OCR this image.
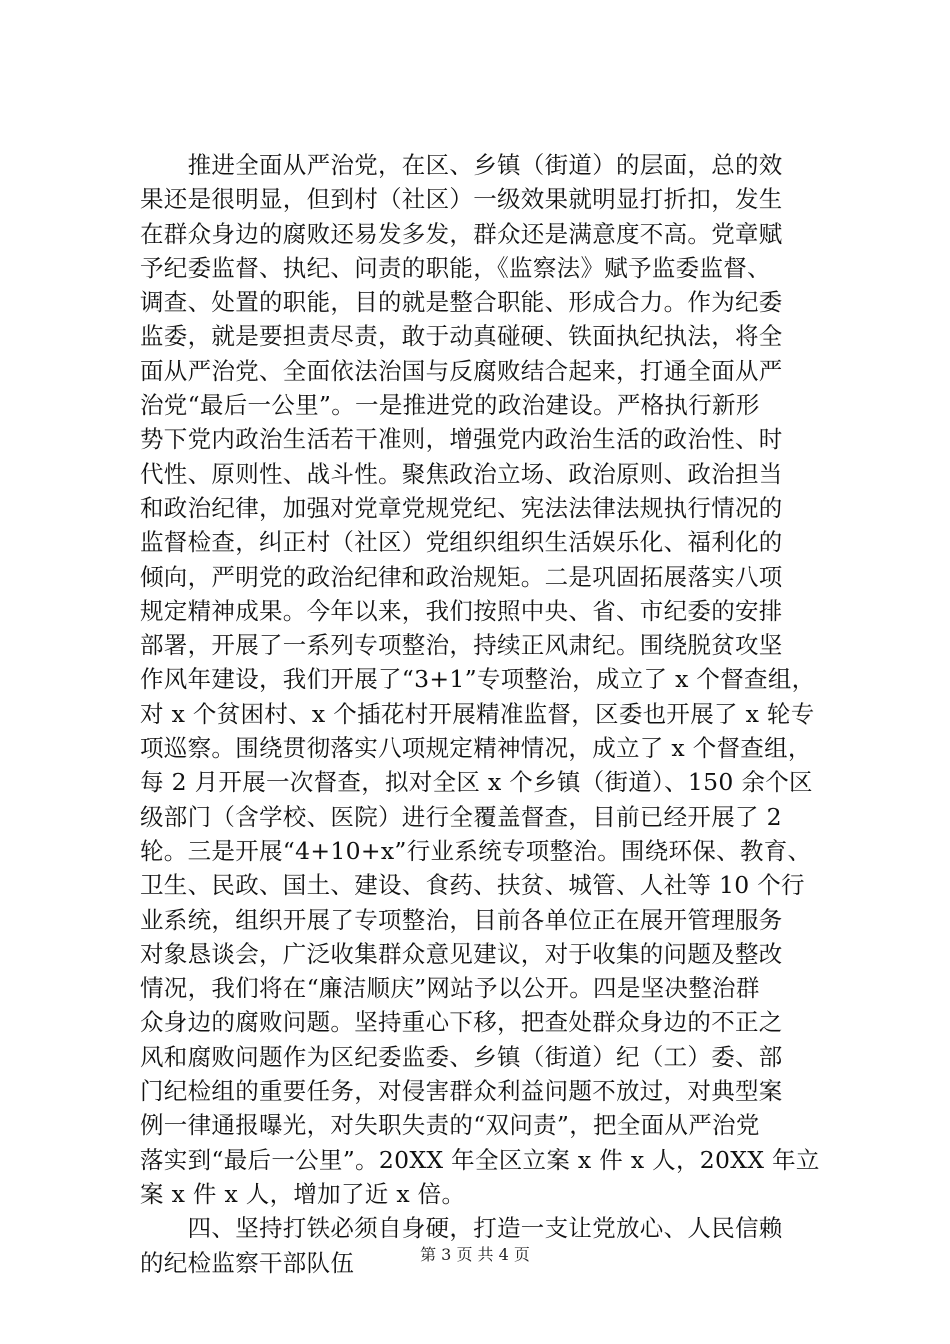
　　推进全面从严治党，在区、乡镇（街道）的层面，总的效
果还是很明显，但到村（社区）一级效果就明显打折扣，发生
在群众身边的腐败还易发多发，群众还是满意度不高。党章赋
予纪委监督、执纪、问责的职能，《监察法》赋予监委监督、
调查、处置的职能，目的就是整合职能、形成合力。作为纪委
监委，就是要担责尽责，敢于动真碰硬、铁面执纪执法，将全
面从严治党、全面依法治国与反腐败结合起来，打通全面从严
治党“最后一公里”。一是推进党的政治建设。严格执行新形
势下党内政治生活若干准则，增强党内政治生活的政治性、时
代性、原则性、战斗性。聚焦政治立场、政治原则、政治担当
和政治纪律，加强对党章党规党纪、宪法法律法规执行情况的
监督检查，纠正村（社区）党组织组织生活娱乐化、福利化的
倾向，严明党的政治纪律和政治规矩。二是巩固拓展落实八项
规定精神成果。今年以来，我们按照中央、省、市纪委的安排
部署，开展了一系列专项整治，持续正风肃纪。围绕脱贫攻坚
作风年建设，我们开展了“3+1”专项整治，成立了 x 个督查组，
对 x 个贫困村、x 个插花村开展精准监督，区委也开展了 x 轮专
项巡察。围绕贯彻落实八项规定精神情况，成立了 x 个督查组，
每 2 月开展一次督查，拟对全区 x 个乡镇（街道）、150 余个区
级部门（含学校、医院）进行全覆盖督查，目前已经开展了 2
轮。三是开展“4+10+x”行业系统专项整治。围绕环保、教育、
卫生、民政、国土、建设、食药、扶贫、城管、人社等 10 个行
业系统，组织开展了专项整治，目前各单位正在展开管理服务
对象恳谈会，广泛收集群众意见建议，对于收集的问题及整改
情况，我们将在“廉洁顺庆”网站予以公开。四是坚决整治群
众身边的腐败问题。坚持重心下移，把查处群众身边的不正之
风和腐败问题作为区纪委监委、乡镇（街道）纪（工）委、部
门纪检组的重要任务，对侵害群众利益问题不放过，对典型案
例一律通报曝光，对失职失责的“双问责”，把全面从严治党
落实到“最后一公里”。20XX 年全区立案 x 件 x 人，20XX 年立
案 x 件 x 人，增加了近 x 倍。
　　四、坚持打铁必须自身硬，打造一支让党放心、人民信赖
的纪检监察干部队伍	第 3 页 共 4 页
